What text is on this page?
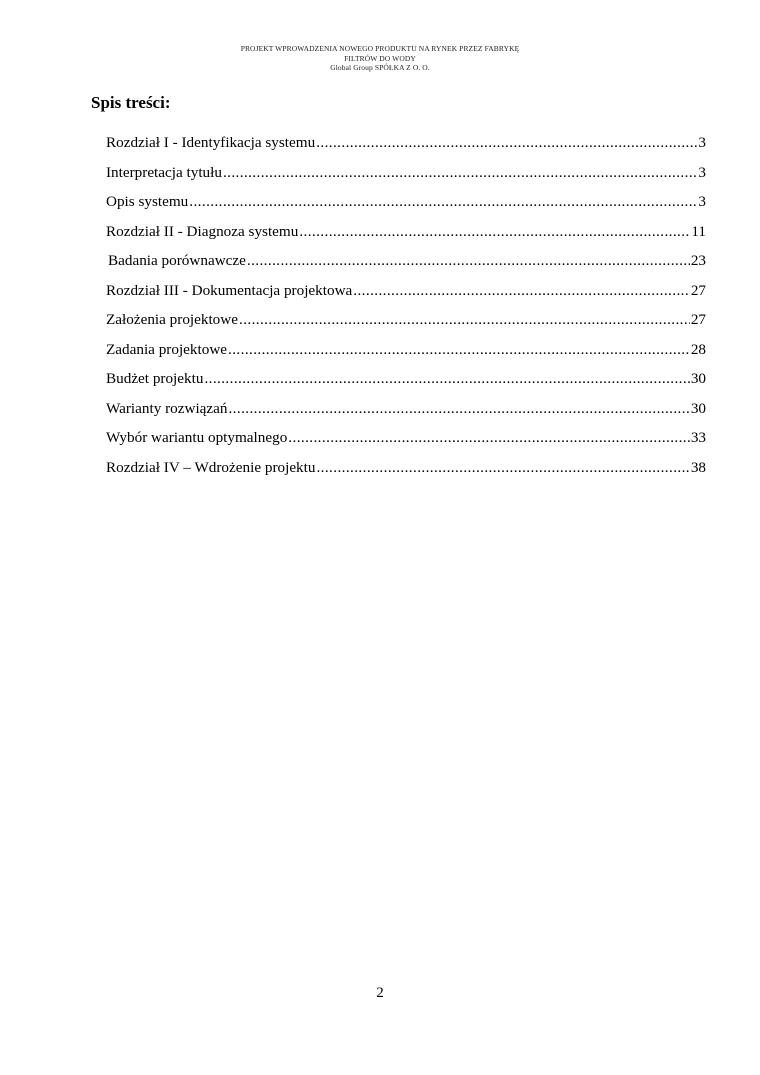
PROJEKT WPROWADZENIA NOWEGO PRODUKTU NA RYNEK PRZEZ FABRYKĘ
FILTRÓW DO WODY
Global Group SPÓŁKA Z O. O.
Spis treści:
Rozdział I - Identyfikacja systemu .....	3
Interpretacja tytułu .....	3
Opis systemu .....	3
Rozdział II - Diagnoza systemu .....	11
Badania porównawcze .....	23
Rozdział III - Dokumentacja projektowa .....	27
Założenia projektowe .....	27
Zadania projektowe .....	28
Budżet projektu .....	30
Warianty rozwiązań .....	30
Wybór wariantu optymalnego .....	33
Rozdział IV – Wdrożenie projektu .....	38
2
